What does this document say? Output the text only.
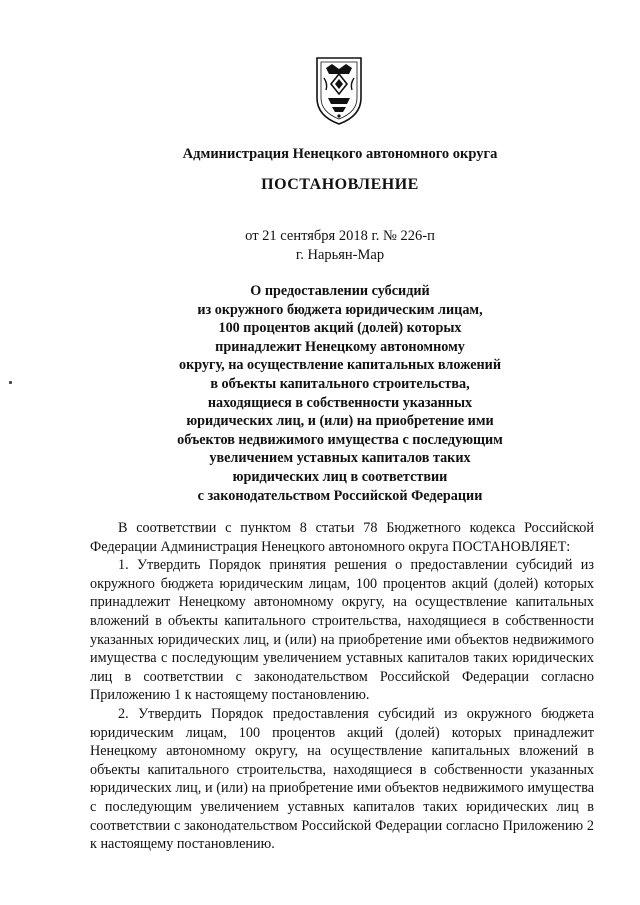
Администрация Ненецкого автономного округа
ПОСТАНОВЛЕНИЕ
от 21 сентября 2018 г. № 226-п
г. Нарьян-Мар
О предоставлении субсидий
из окружного бюджета юридическим лицам,
100 процентов акций (долей) которых
принадлежит Ненецкому автономному
округу, на осуществление капитальных вложений
в объекты капитального строительства,
находящиеся в собственности указанных
юридических лиц, и (или) на приобретение ими
объектов недвижимого имущества с последующим
увеличением уставных капиталов таких
юридических лиц в соответствии
с законодательством Российской Федерации

В соответствии с пунктом 8 статьи 78 Бюджетного кодекса Российской Федерации Администрация Ненецкого автономного округа ПОСТАНОВЛЯЕТ:

1. Утвердить Порядок принятия решения о предоставлении субсидий из окружного бюджета юридическим лицам, 100 процентов акций (долей) которых принадлежит Ненецкому автономному округу, на осуществление капитальных вложений в объекты капитального строительства, находящиеся в собственности указанных юридических лиц, и (или) на приобретение ими объектов недвижимого имущества с последующим увеличением уставных капиталов таких юридических лиц в соответствии с законодательством Российской Федерации согласно Приложению 1 к настоящему постановлению.

2. Утвердить Порядок предоставления субсидий из окружного бюджета юридическим лицам, 100 процентов акций (долей) которых принадлежит Ненецкому автономному округу, на осуществление капитальных вложений в объекты капитального строительства, находящиеся в собственности указанных юридических лиц, и (или) на приобретение ими объектов недвижимого имущества с последующим увеличением уставных капиталов таких юридических лиц в соответствии с законодательством Российской Федерации согласно Приложению 2 к настоящему постановлению.
